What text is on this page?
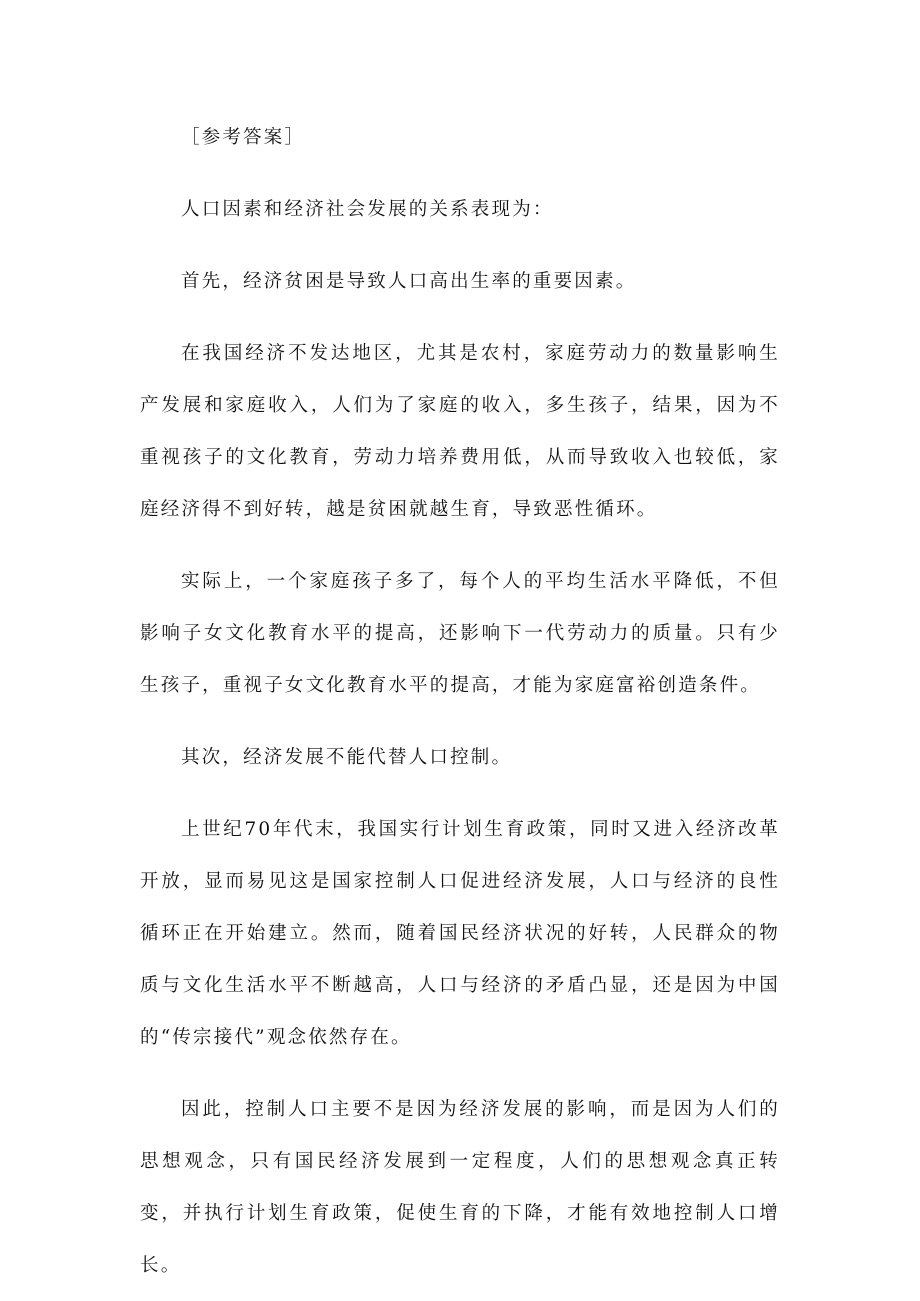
［参考答案］

人口因素和经济社会发展的关系表现为：

首先，经济贫困是导致人口高出生率的重要因素。

在我国经济不发达地区，尤其是农村，家庭劳动力的数量影响生产发展和家庭收入，人们为了家庭的收入，多生孩子，结果，因为不重视孩子的文化教育，劳动力培养费用低，从而导致收入也较低，家庭经济得不到好转，越是贫困就越生育，导致恶性循环。

实际上，一个家庭孩子多了，每个人的平均生活水平降低，不但影响子女文化教育水平的提高，还影响下一代劳动力的质量。只有少生孩子，重视子女文化教育水平的提高，才能为家庭富裕创造条件。

其次，经济发展不能代替人口控制。

上世纪70年代末，我国实行计划生育政策，同时又进入经济改革开放，显而易见这是国家控制人口促进经济发展，人口与经济的良性循环正在开始建立。然而，随着国民经济状况的好转，人民群众的物质与文化生活水平不断越高，人口与经济的矛盾凸显，还是因为中国的“传宗接代”观念依然存在。

因此，控制人口主要不是因为经济发展的影响，而是因为人们的思想观念，只有国民经济发展到一定程度，人们的思想观念真正转变，并执行计划生育政策，促使生育的下降，才能有效地控制人口增长。
